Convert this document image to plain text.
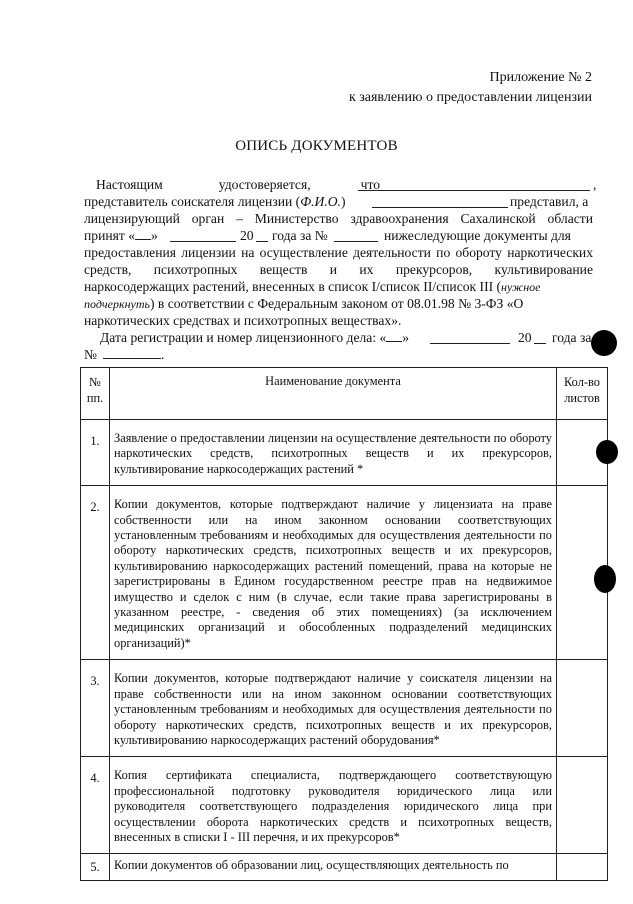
Приложение № 2
к заявлению о предоставлении лицензии
ОПИСЬ ДОКУМЕНТОВ
Настоящим	удостоверяется,	что	,
представитель соискателя лицензии (Ф.И.О.)	представил, а
лицензирующий орган – Министерство здравоохранения Сахалинской области
принят « »	20 года за №	нижеследующие документы для
предоставления лицензии на осуществление деятельности по обороту наркотических
средств, психотропных веществ и их прекурсоров, культивирование
наркосодержащих растений, внесенных в список I/список II/список III (нужное
подчеркнуть) в соответствии с Федеральным законом от 08.01.98 № 3-ФЗ «О
наркотических средствах и психотропных веществах».
Дата регистрации и номер лицензионного дела: « »	20 года за
№	.
№
пп.	Наименование документа	Кол-во
листов
1.	Заявление о предоставлении лицензии на осуществление деятельности по обороту наркотических средств, психотропных веществ и их прекурсоров, культивирование наркосодержащих растений *	
2.	Копии документов, которые подтверждают наличие у лицензиата на праве собственности или на ином законном основании соответствующих установленным требованиям и необходимых для осуществления деятельности по обороту наркотических средств, психотропных веществ и их прекурсоров, культивированию наркосодержащих растений помещений, права на которые не зарегистрированы в Едином государственном реестре прав на недвижимое имущество и сделок с ним (в случае, если такие права зарегистрированы в указанном реестре, - сведения об этих помещениях) (за исключением медицинских организаций и обособленных подразделений медицинских организаций)*	
3.	Копии документов, которые подтверждают наличие у соискателя лицензии на праве собственности или на ином законном основании соответствующих установленным требованиям и необходимых для осуществления деятельности по обороту наркотических средств, психотропных веществ и их прекурсоров, культивированию наркосодержащих растений оборудования*	
4.	Копия сертификата специалиста, подтверждающего соответствующую профессиональной подготовку руководителя юридического лица или руководителя соответствующего подразделения юридического лица при осуществлении оборота наркотических средств и психотропных веществ, внесенных в списки I - III перечня, и их прекурсоров*	
5.	Копии документов об образовании лиц, осуществляющих деятельность по	
